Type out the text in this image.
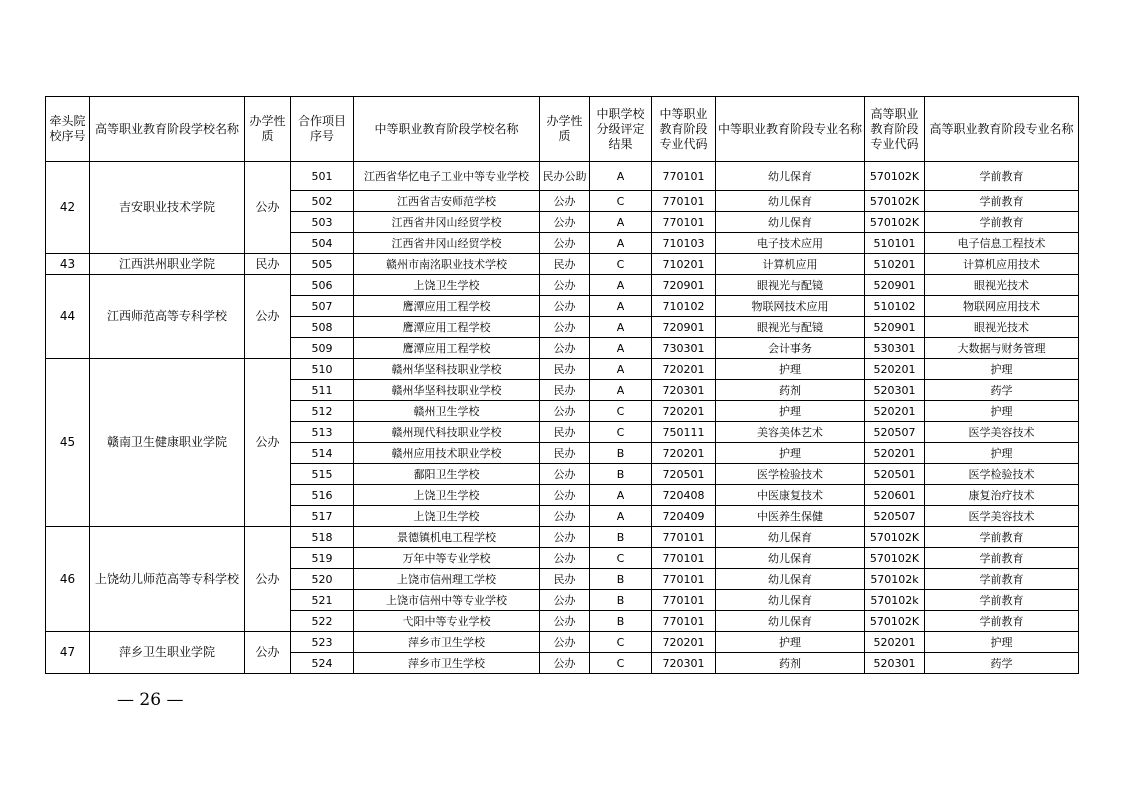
牵头院校序号	高等职业教育阶段学校名称	办学性质	合作项目序号	中等职业教育阶段学校名称	办学性质	中职学校分级评定结果	中等职业教育阶段专业代码	中等职业教育阶段专业名称	高等职业教育阶段专业代码	高等职业教育阶段专业名称
42	吉安职业技术学院	公办	501	江西省华忆电子工业中等专业学校	民办公助	A	770101	幼儿保育	570102K	学前教育
			502	江西省吉安师范学校	公办	C	770101	幼儿保育	570102K	学前教育
			503	江西省井冈山经贸学校	公办	A	770101	幼儿保育	570102K	学前教育
			504	江西省井冈山经贸学校	公办	A	710103	电子技术应用	510101	电子信息工程技术
43	江西洪州职业学院	民办	505	赣州市南洺职业技术学校	民办	C	710201	计算机应用	510201	计算机应用技术
44	江西师范高等专科学校	公办	506	上饶卫生学校	公办	A	720901	眼视光与配镜	520901	眼视光技术
			507	鹰潭应用工程学校	公办	A	710102	物联网技术应用	510102	物联网应用技术
			508	鹰潭应用工程学校	公办	A	720901	眼视光与配镜	520901	眼视光技术
			509	鹰潭应用工程学校	公办	A	730301	会计事务	530301	大数据与财务管理
45	赣南卫生健康职业学院	公办	510	赣州华坚科技职业学校	民办	A	720201	护理	520201	护理
			511	赣州华坚科技职业学校	民办	A	720301	药剂	520301	药学
			512	赣州卫生学校	公办	C	720201	护理	520201	护理
			513	赣州现代科技职业学校	民办	C	750111	美容美体艺术	520507	医学美容技术
			514	赣州应用技术职业学校	民办	B	720201	护理	520201	护理
			515	鄱阳卫生学校	公办	B	720501	医学检验技术	520501	医学检验技术
			516	上饶卫生学校	公办	A	720408	中医康复技术	520601	康复治疗技术
			517	上饶卫生学校	公办	A	720409	中医养生保健	520507	医学美容技术
46	上饶幼儿师范高等专科学校	公办	518	景德镇机电工程学校	公办	B	770101	幼儿保育	570102K	学前教育
			519	万年中等专业学校	公办	C	770101	幼儿保育	570102K	学前教育
			520	上饶市信州理工学校	民办	B	770101	幼儿保育	570102k	学前教育
			521	上饶市信州中等专业学校	公办	B	770101	幼儿保育	570102k	学前教育
			522	弋阳中等专业学校	公办	B	770101	幼儿保育	570102K	学前教育
47	萍乡卫生职业学院	公办	523	萍乡市卫生学校	公办	C	720201	护理	520201	护理
			524	萍乡市卫生学校	公办	C	720301	药剂	520301	药学
— 26 —
